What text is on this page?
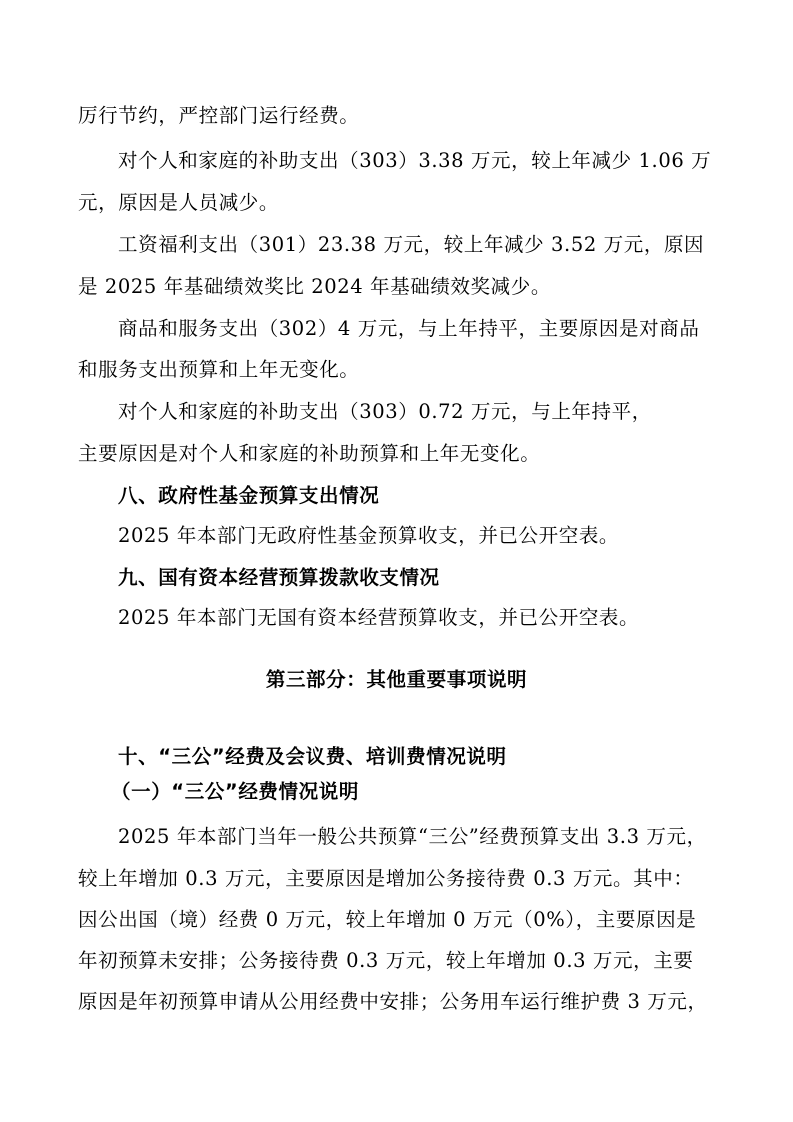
厉行节约，严控部门运行经费。
对个人和家庭的补助支出（303）3.38 万元，较上年减少 1.06 万
元，原因是人员减少。
工资福利支出（301）23.38 万元，较上年减少 3.52 万元，原因
是 2025 年基础绩效奖比 2024 年基础绩效奖减少。
商品和服务支出（302）4 万元，与上年持平，主要原因是对商品
和服务支出预算和上年无变化。
对个人和家庭的补助支出（303）0.72 万元，与上年持平，
主要原因是对个人和家庭的补助预算和上年无变化。
八、政府性基金预算支出情况
2025 年本部门无政府性基金预算收支，并已公开空表。
九、国有资本经营预算拨款收支情况
2025 年本部门无国有资本经营预算收支，并已公开空表。
第三部分：其他重要事项说明
十、“三公”经费及会议费、培训费情况说明
（一）“三公”经费情况说明
2025 年本部门当年一般公共预算“三公”经费预算支出 3.3 万元，
较上年增加 0.3 万元，主要原因是增加公务接待费 0.3 万元。其中：
因公出国（境）经费 0 万元，较上年增加 0 万元（0%），主要原因是
年初预算未安排；公务接待费 0.3 万元，较上年增加 0.3 万元，主要
原因是年初预算申请从公用经费中安排；公务用车运行维护费 3 万元，
